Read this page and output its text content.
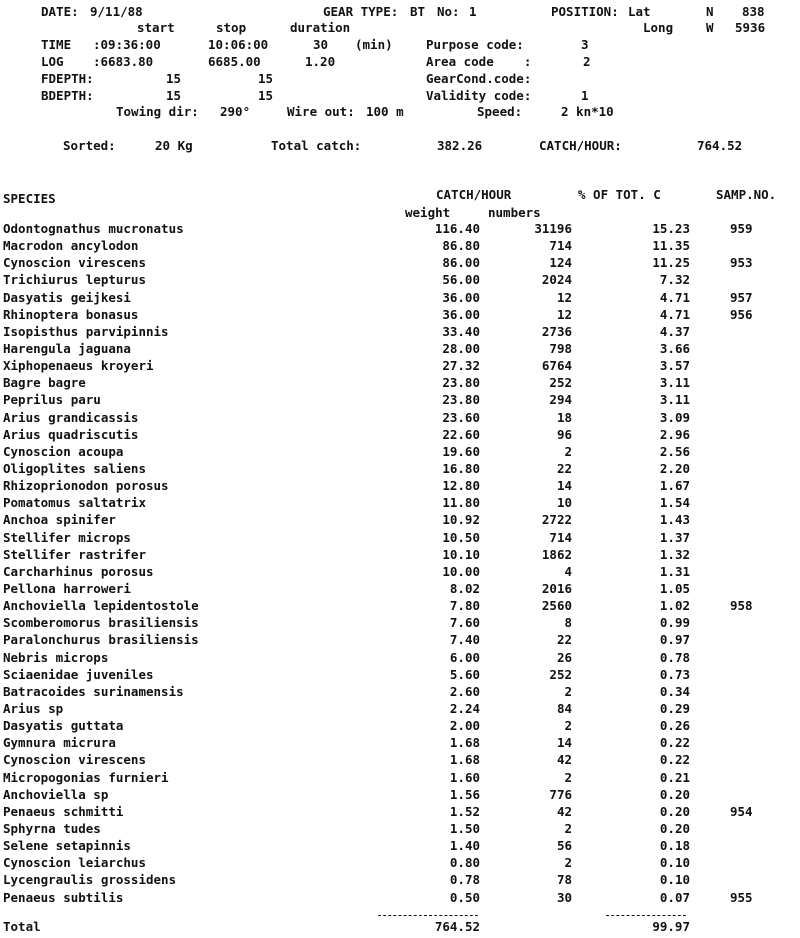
DATE: 9/11/88	GEAR TYPE: BT No: 1	POSITION: Lat	N 838
start	stop	duration	Long	W 5936
TIME :09:36:00	10:06:00	30 (min)	Purpose code:	3
LOG :6683.80	6685.00	1.20	Area code    :	2
FDEPTH:	15	15	GearCond.code:
BDEPTH:	15	15	Validity code:	1
Towing dir: 290°	Wire out: 100 m	Speed:	2 kn*10
Sorted:	20 Kg	Total catch:	382.26	CATCH/HOUR:	764.52
SPECIES	CATCH/HOUR	% OF TOT. C	SAMP.NO.
weight	numbers
Odontognathus mucronatus	116.40	31196	15.23	959
Macrodon ancylodon	86.80	714	11.35
Cynoscion virescens	86.00	124	11.25	953
Trichiurus lepturus	56.00	2024	7.32
Dasyatis geijkesi	36.00	12	4.71	957
Rhinoptera bonasus	36.00	12	4.71	956
Isopisthus parvipinnis	33.40	2736	4.37
Harengula jaguana	28.00	798	3.66
Xiphopenaeus kroyeri	27.32	6764	3.57
Bagre bagre	23.80	252	3.11
Peprilus paru	23.80	294	3.11
Arius grandicassis	23.60	18	3.09
Arius quadriscutis	22.60	96	2.96
Cynoscion acoupa	19.60	2	2.56
Oligoplites saliens	16.80	22	2.20
Rhizoprionodon porosus	12.80	14	1.67
Pomatomus saltatrix	11.80	10	1.54
Anchoa spinifer	10.92	2722	1.43
Stellifer microps	10.50	714	1.37
Stellifer rastrifer	10.10	1862	1.32
Carcharhinus porosus	10.00	4	1.31
Pellona harroweri	8.02	2016	1.05
Anchoviella lepidentostole	7.80	2560	1.02	958
Scomberomorus brasiliensis	7.60	8	0.99
Paralonchurus brasiliensis	7.40	22	0.97
Nebris microps	6.00	26	0.78
Sciaenidae juveniles	5.60	252	0.73
Batracoides surinamensis	2.60	2	0.34
Arius sp	2.24	84	0.29
Dasyatis guttata	2.00	2	0.26
Gymnura micrura	1.68	14	0.22
Cynoscion virescens	1.68	42	0.22
Micropogonias furnieri	1.60	2	0.21
Anchoviella sp	1.56	776	0.20
Penaeus schmitti	1.52	42	0.20	954
Sphyrna tudes	1.50	2	0.20
Selene setapinnis	1.40	56	0.18
Cynoscion leiarchus	0.80	2	0.10
Lycengraulis grossidens	0.78	78	0.10
Penaeus subtilis	0.50	30	0.07	955
Total	764.52	99.97
